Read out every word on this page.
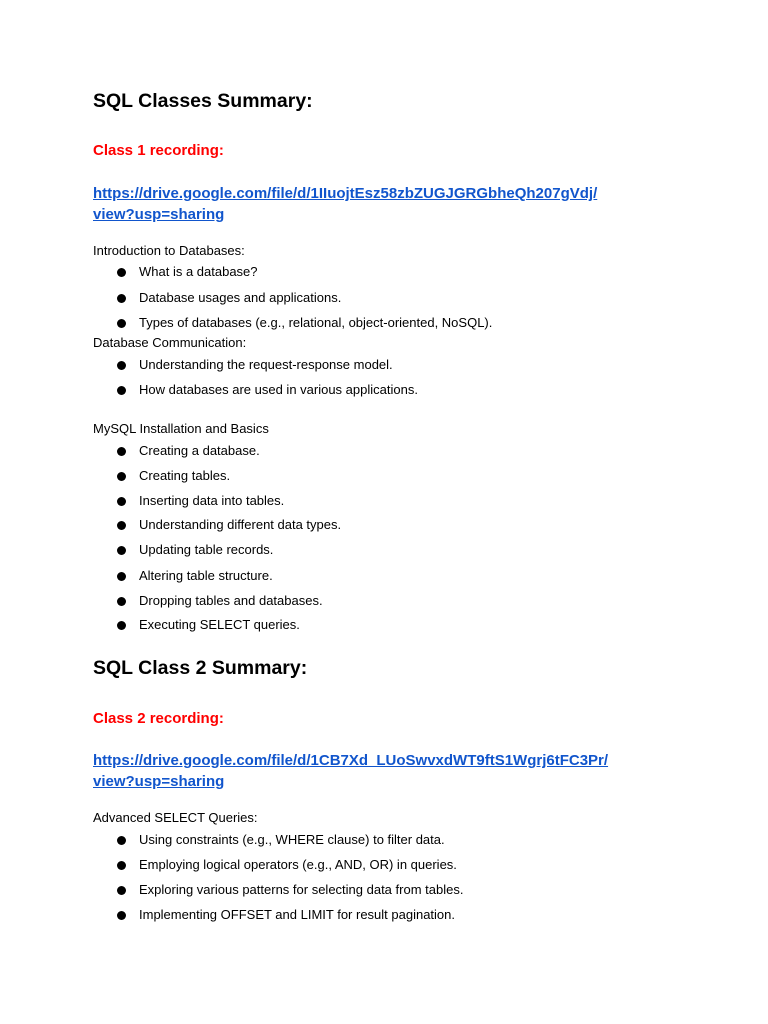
SQL Classes Summary:
Class 1 recording:
https://drive.google.com/file/d/1IIuojtEsz58zbZUGJGRGbheQh207gVdj/
view?usp=sharing
Introduction to Databases:
What is a database?
Database usages and applications.
Types of databases (e.g., relational, object-oriented, NoSQL).
Database Communication:
Understanding the request-response model.
How databases are used in various applications.
MySQL Installation and Basics
Creating a database.
Creating tables.
Inserting data into tables.
Understanding different data types.
Updating table records.
Altering table structure.
Dropping tables and databases.
Executing SELECT queries.
SQL Class 2 Summary:
Class 2 recording:
https://drive.google.com/file/d/1CB7Xd_LUoSwvxdWT9ftS1Wgrj6tFC3Pr/
view?usp=sharing
Advanced SELECT Queries:
Using constraints (e.g., WHERE clause) to filter data.
Employing logical operators (e.g., AND, OR) in queries.
Exploring various patterns for selecting data from tables.
Implementing OFFSET and LIMIT for result pagination.
